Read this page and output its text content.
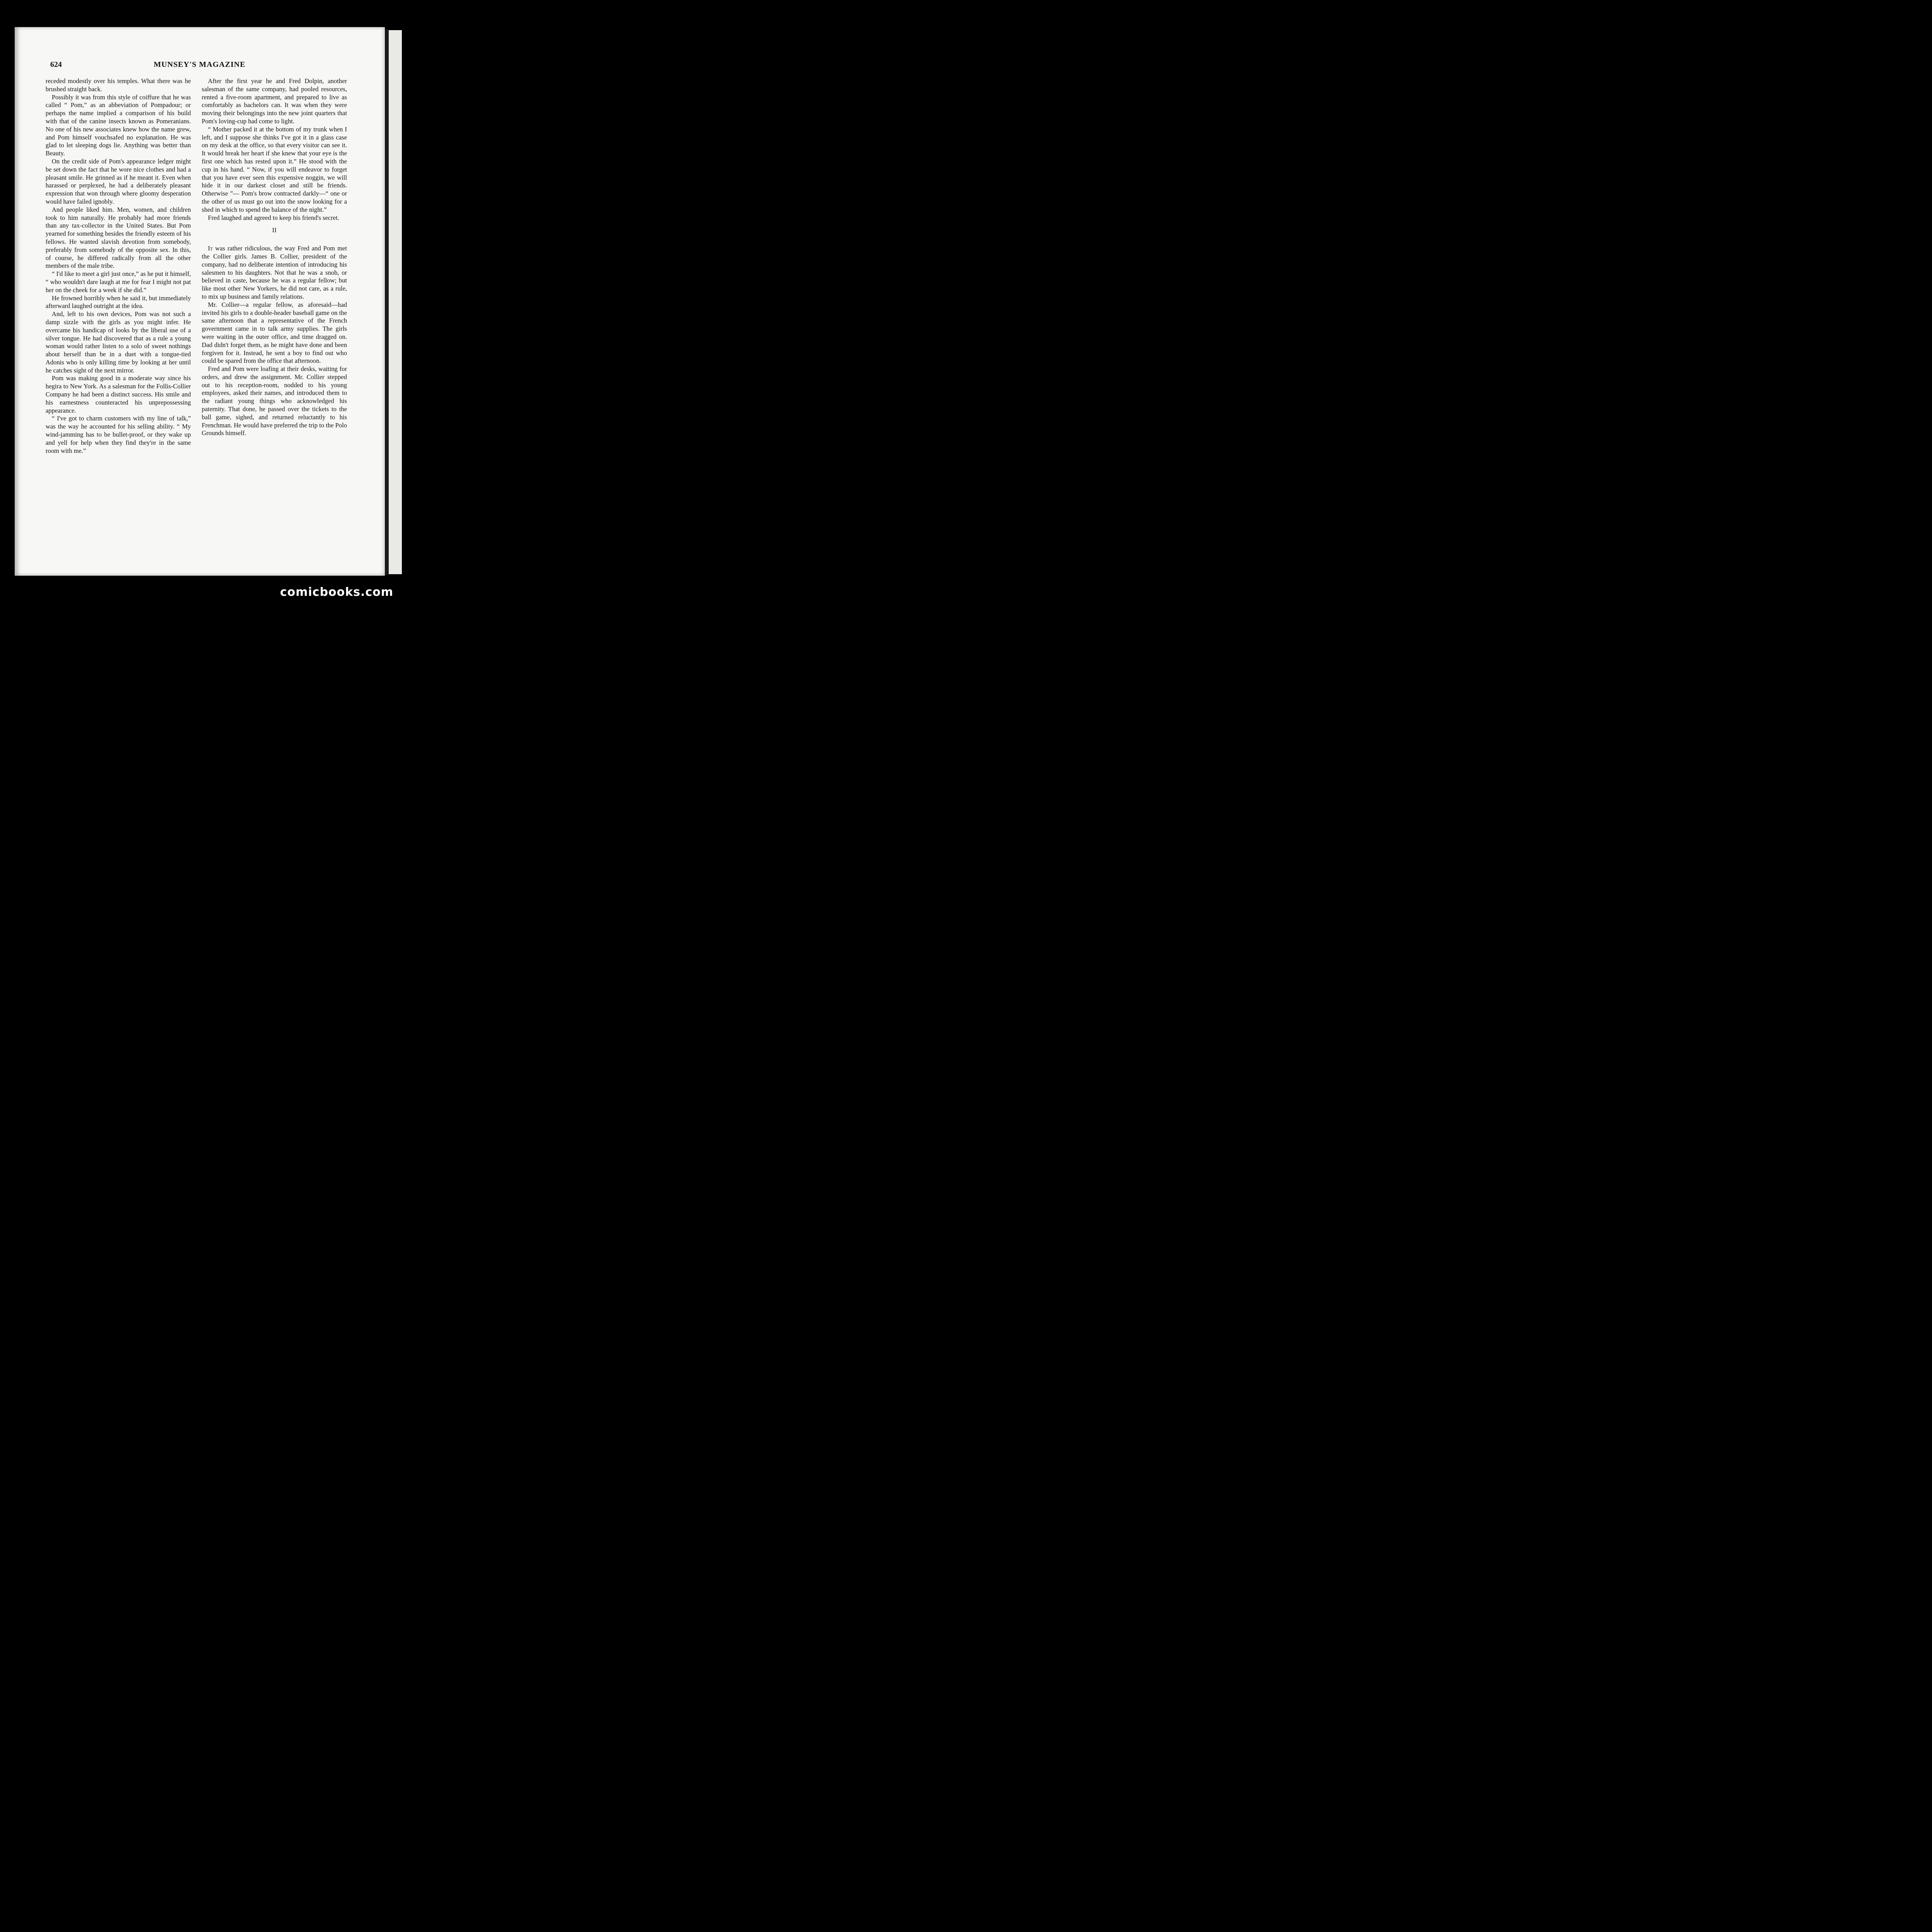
624	MUNSEY'S MAGAZINE

receded modestly over his temples. What there was he brushed straight back.

Possibly it was from this style of coiffure that he was called “ Pom,” as an abbeviation of Pompadour; or perhaps the name implied a comparison of his build with that of the canine insects known as Pomeranians. No one of his new associates knew how the name grew, and Pom himself vouchsafed no explanation. He was glad to let sleeping dogs lie. Anything was better than Beauty.

On the credit side of Pom's appearance ledger might be set down the fact that he wore nice clothes and had a pleasant smile. He grinned as if he meant it. Even when harassed or perplexed, he had a deliberately pleasant expression that won through where gloomy desperation would have failed ignobly.

And people liked him. Men, women, and children took to him naturally. He probably had more friends than any tax-collector in the United States. But Pom yearned for something besides the friendly esteem of his fellows. He wanted slavish devotion from somebody, preferably from somebody of the opposite sex. In this, of course, he differed radically from all the other members of the male tribe.

“ I'd like to meet a girl just once,” as he put it himself, “ who wouldn't dare laugh at me for fear I might not pat her on the cheek for a week if she did.”

He frowned horribly when he said it, but immediately afterward laughed outright at the idea.

And, left to his own devices, Pom was not such a damp sizzle with the girls as you might infer. He overcame his handicap of looks by the liberal use of a silver tongue. He had discovered that as a rule a young woman would rather listen to a solo of sweet nothings about herself than be in a duet with a tongue-tied Adonis who is only killing time by looking at her until he catches sight of the next mirror.

Pom was making good in a moderate way since his hegira to New York. As a salesman for the Follis-Collier Company he had been a distinct success. His smile and his earnestness counteracted his unprepossessing appearance.

“ I've got to charm customers with my line of talk,” was the way he accounted for his selling ability. “ My wind-jamming has to be bullet-proof, or they wake up and yell for help when they find they're in the same room with me.”

After the first year he and Fred Dolpin, another salesman of the same company, had pooled resources, rented a five-room apartment, and prepared to live as comfortably as bachelors can. It was when they were moving their belongings into the new joint quarters that Pom's loving-cup had come to light.

“ Mother packed it at the bottom of my trunk when I left, and I suppose she thinks I've got it in a glass case on my desk at the office, so that every visitor can see it. It would break her heart if she knew that your eye is the first one which has rested upon it.” He stood with the cup in his hand. “ Now, if you will endeavor to forget that you have ever seen this expensive noggin, we will hide it in our darkest closet and still be friends. Otherwise ”— Pom's brow contracted darkly—“ one or the other of us must go out into the snow looking for a shed in which to spend the balance of the night.”

Fred laughed and agreed to keep his friend's secret.

II

It was rather ridiculous, the way Fred and Pom met the Collier girls. James B. Collier, president of the company, had no deliberate intention of introducing his salesmen to his daughters. Not that he was a snob, or believed in caste, because he was a regular fellow; but like most other New Yorkers, he did not care, as a rule, to mix up business and family relations.

Mr. Collier—a regular fellow, as aforesaid—had invited his girls to a double-header baseball game on the same afternoon that a representative of the French government came in to talk army supplies. The girls were waiting in the outer office, and time dragged on. Dad didn't forget them, as he might have done and been forgiven for it. Instead, he sent a boy to find out who could be spared from the office that afternoon.

Fred and Pom were loafing at their desks, waiting for orders, and drew the assignment. Mr. Collier stepped out to his reception-room, nodded to his young employees, asked their names, and introduced them to the radiant young things who acknowledged his paternity. That done, he passed over the tickets to the ball game, sighed, and returned reluctantly to his Frenchman. He would have preferred the trip to the Polo Grounds himself.

comicbooks.com
